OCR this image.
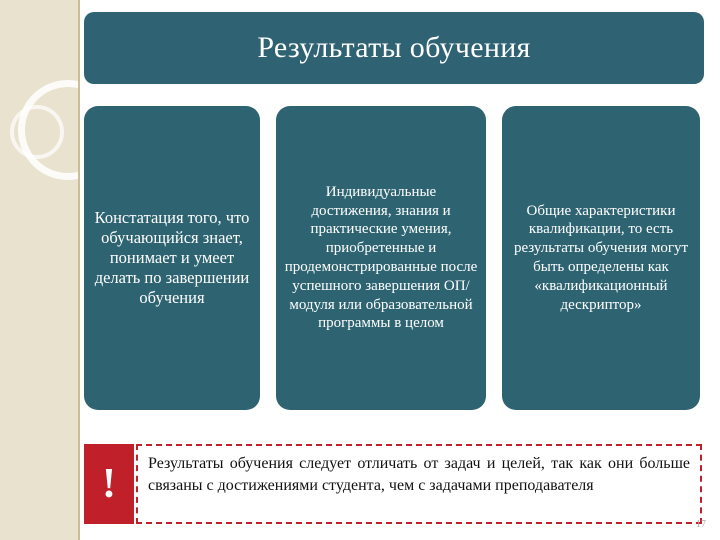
Результаты обучения
Констатация того, что обучающийся знает, понимает и умеет делать по завершении обучения
Индивидуальные достижения, знания и практические умения, приобретенные и продемонстрированные после успешного завершения ОП/модуля или образовательной программы в целом
Общие характеристики квалификации, то есть результаты обучения могут быть определены как «квалификационный дескриптор»
!	Результаты обучения следует отличать от задач и целей, так как они больше связаны с достижениями студента, чем с задачами преподавателя
17
